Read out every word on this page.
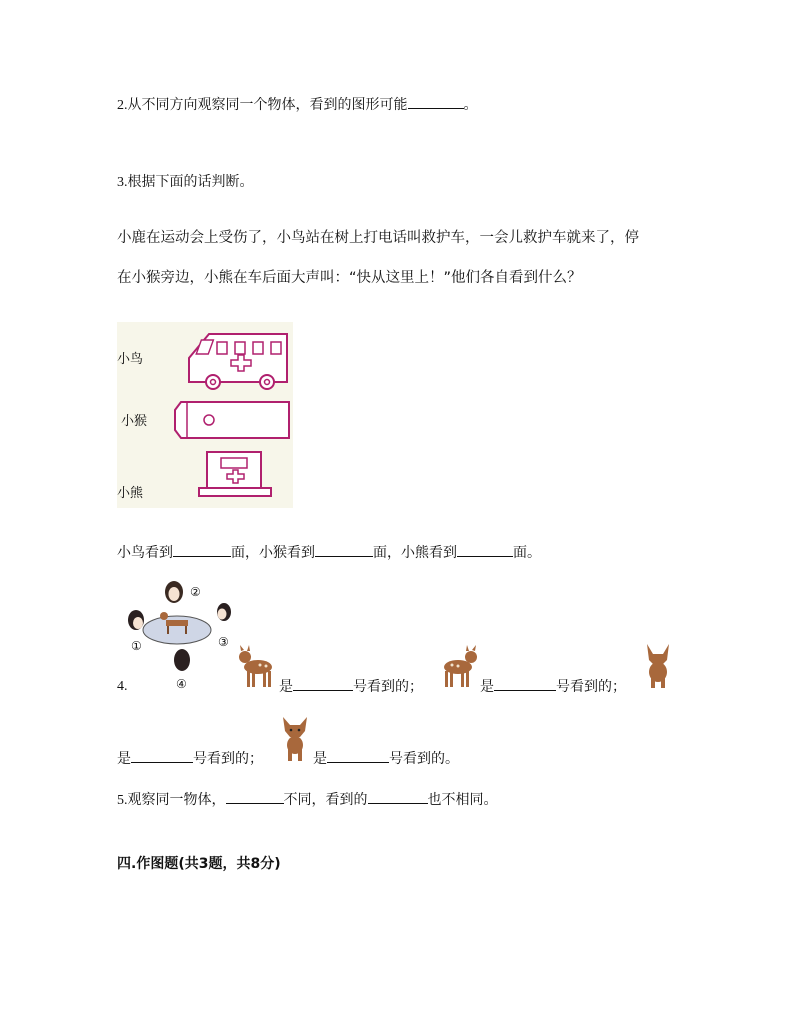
2.从不同方向观察同一个物体，看到的图形可能	。
3.根据下面的话判断。
小鹿在运动会上受伤了，小鸟站在树上打电话叫救护车，一会儿救护车就来了，停
在小猴旁边，小熊在车后面大声叫：“快从这里上！”他们各自看到什么？
小鸟
小猴
小熊
小鸟看到	面，小猴看到	面，小熊看到	面。
①
②
③
④
4.	是	号看到的；	是	号看到的；
是	号看到的；	是	号看到的。
5.观察同一物体，	不同，看到的	也不相同。
四.作图题(共3题，共8分)
